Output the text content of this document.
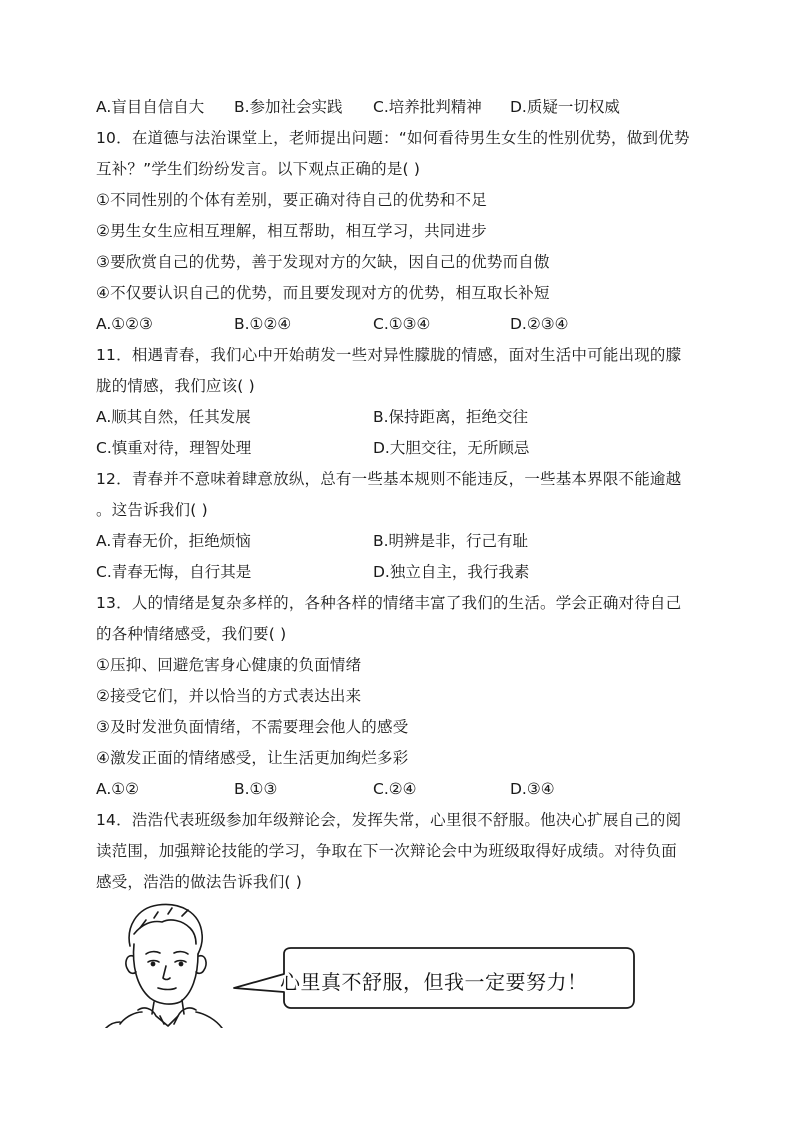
A.盲目自信自大 B.参加社会实践 C.培养批判精神 D.质疑一切权威
10．在道德与法治课堂上，老师提出问题：“如何看待男生女生的性别优势，做到优势
互补？”学生们纷纷发言。以下观点正确的是( )
①不同性别的个体有差别，要正确对待自己的优势和不足
②男生女生应相互理解，相互帮助，相互学习，共同进步
③要欣赏自己的优势，善于发现对方的欠缺，因自己的优势而自傲
④不仅要认识自己的优势，而且要发现对方的优势，相互取长补短
A.①②③	B.①②④	C.①③④	D.②③④
11．相遇青春，我们心中开始萌发一些对异性朦胧的情感，面对生活中可能出现的朦
胧的情感，我们应该( )
A.顺其自然，任其发展	B.保持距离，拒绝交往
C.慎重对待，理智处理	D.大胆交往，无所顾忌
12．青春并不意味着肆意放纵，总有一些基本规则不能违反，一些基本界限不能逾越
。这告诉我们( )
A.青春无价，拒绝烦恼	B.明辨是非，行己有耻
C.青春无悔，自行其是	D.独立自主，我行我素
13．人的情绪是复杂多样的，各种各样的情绪丰富了我们的生活。学会正确对待自己
的各种情绪感受，我们要( )
①压抑、回避危害身心健康的负面情绪
②接受它们，并以恰当的方式表达出来
③及时发泄负面情绪，不需要理会他人的感受
④激发正面的情绪感受，让生活更加绚烂多彩
A.①②	B.①③	C.②④	D.③④
14．浩浩代表班级参加年级辩论会，发挥失常，心里很不舒服。他决心扩展自己的阅
读范围，加强辩论技能的学习，争取在下一次辩论会中为班级取得好成绩。对待负面
感受，浩浩的做法告诉我们( )
心里真不舒服，但我一定要努力！
